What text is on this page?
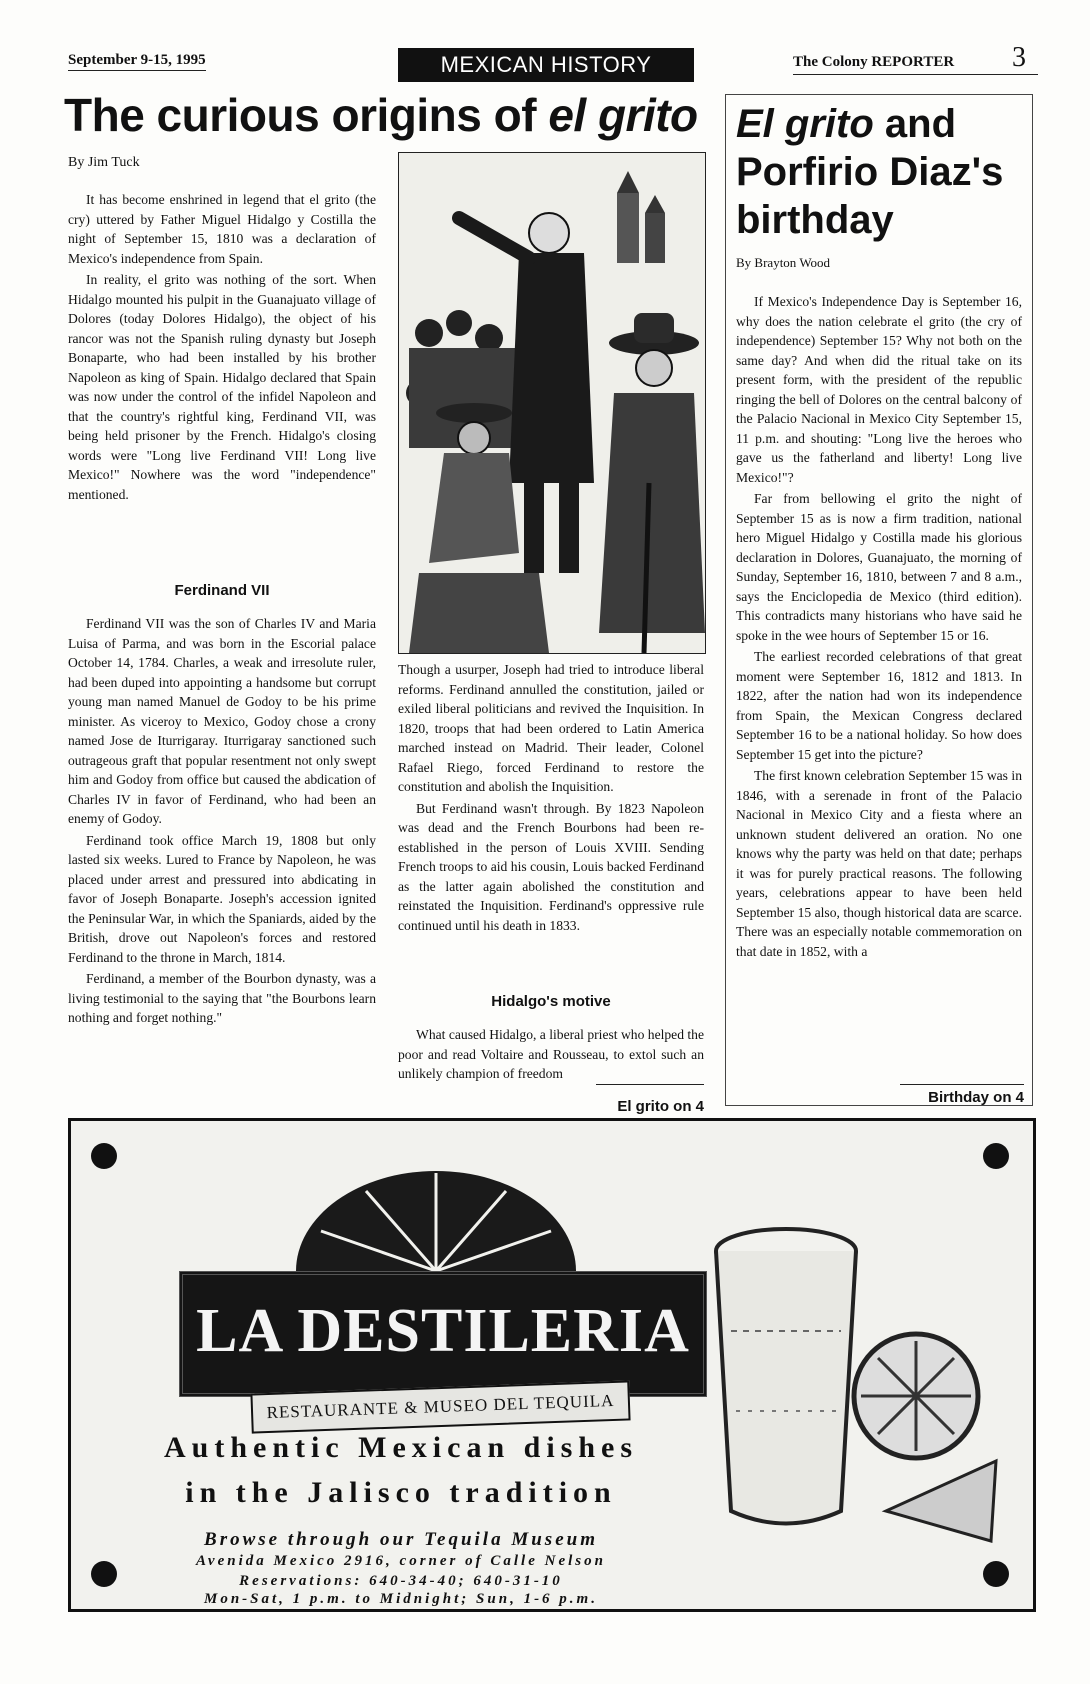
September 9-15, 1995	MEXICAN HISTORY	The Colony REPORTER 3
The curious origins of el grito
By Jim Tuck

It has become enshrined in legend that el grito (the cry) uttered by Father Miguel Hidalgo y Costilla the night of September 15, 1810 was a declaration of Mexico's independence from Spain.

In reality, el grito was nothing of the sort. When Hidalgo mounted his pulpit in the Guanajuato village of Dolores (today Dolores Hidalgo), the object of his rancor was not the Spanish ruling dynasty but Joseph Bonaparte, who had been installed by his brother Napoleon as king of Spain. Hidalgo declared that Spain was now under the control of the infidel Napoleon and that the country's rightful king, Ferdinand VII, was being held prisoner by the French. Hidalgo's closing words were "Long live Ferdinand VII! Long live Mexico!" Nowhere was the word "independence" mentioned.

Ferdinand VII

Ferdinand VII was the son of Charles IV and Maria Luisa of Parma, and was born in the Escorial palace October 14, 1784. Charles, a weak and irresolute ruler, had been duped into appointing a handsome but corrupt young man named Manuel de Godoy to be his prime minister. As viceroy to Mexico, Godoy chose a crony named Jose de Iturrigaray. Iturrigaray sanctioned such outrageous graft that popular resentment not only swept him and Godoy from office but caused the abdication of Charles IV in favor of Ferdinand, who had been an enemy of Godoy.

Ferdinand took office March 19, 1808 but only lasted six weeks. Lured to France by Napoleon, he was placed under arrest and pressured into abdicating in favor of Joseph Bonaparte. Joseph's accession ignited the Peninsular War, in which the Spaniards, aided by the British, drove out Napoleon's forces and restored Ferdinand to the throne in March, 1814.

Ferdinand, a member of the Bourbon dynasty, was a living testimonial to the saying that "the Bourbons learn nothing and forget nothing."

Though a usurper, Joseph had tried to introduce liberal reforms. Ferdinand annulled the constitution, jailed or exiled liberal politicians and revived the Inquisition. In 1820, troops that had been ordered to Latin America marched instead on Madrid. Their leader, Colonel Rafael Riego, forced Ferdinand to restore the constitution and abolish the Inquisition.

But Ferdinand wasn't through. By 1823 Napoleon was dead and the French Bourbons had been re-established in the person of Louis XVIII. Sending French troops to aid his cousin, Louis backed Ferdinand as the latter again abolished the constitution and reinstated the Inquisition. Ferdinand's oppressive rule continued until his death in 1833.

Hidalgo's motive

What caused Hidalgo, a liberal priest who helped the poor and read Voltaire and Rousseau, to extol such an unlikely champion of freedom

El grito on 4
El grito and Porfirio Diaz's birthday
By Brayton Wood

If Mexico's Independence Day is September 16, why does the nation celebrate el grito (the cry of independence) September 15? Why not both on the same day? And when did the ritual take on its present form, with the president of the republic ringing the bell of Dolores on the central balcony of the Palacio Nacional in Mexico City September 15, 11 p.m. and shouting: "Long live the heroes who gave us the fatherland and liberty! Long live Mexico!"?

Far from bellowing el grito the night of September 15 as is now a firm tradition, national hero Miguel Hidalgo y Costilla made his glorious declaration in Dolores, Guanajuato, the morning of Sunday, September 16, 1810, between 7 and 8 a.m., says the Enciclopedia de Mexico (third edition). This contradicts many historians who have said he spoke in the wee hours of September 15 or 16.

The earliest recorded celebrations of that great moment were September 16, 1812 and 1813. In 1822, after the nation had won its independence from Spain, the Mexican Congress declared September 16 to be a national holiday. So how does September 15 get into the picture?

The first known celebration September 15 was in 1846, with a serenade in front of the Palacio Nacional in Mexico City and a fiesta where an unknown student delivered an oration. No one knows why the party was held on that date; perhaps it was for purely practical reasons. The following years, celebrations appear to have been held September 15 also, though historical data are scarce. There was an especially notable commemoration on that date in 1852, with a

Birthday on 4
LA DESTILERIA
RESTAURANTE & MUSEO DEL TEQUILA
Authentic Mexican dishes
in the Jalisco tradition
Browse through our Tequila Museum
Avenida Mexico 2916, corner of Calle Nelson
Reservations: 640-34-40; 640-31-10
Mon-Sat, 1 p.m. to Midnight; Sun, 1-6 p.m.
